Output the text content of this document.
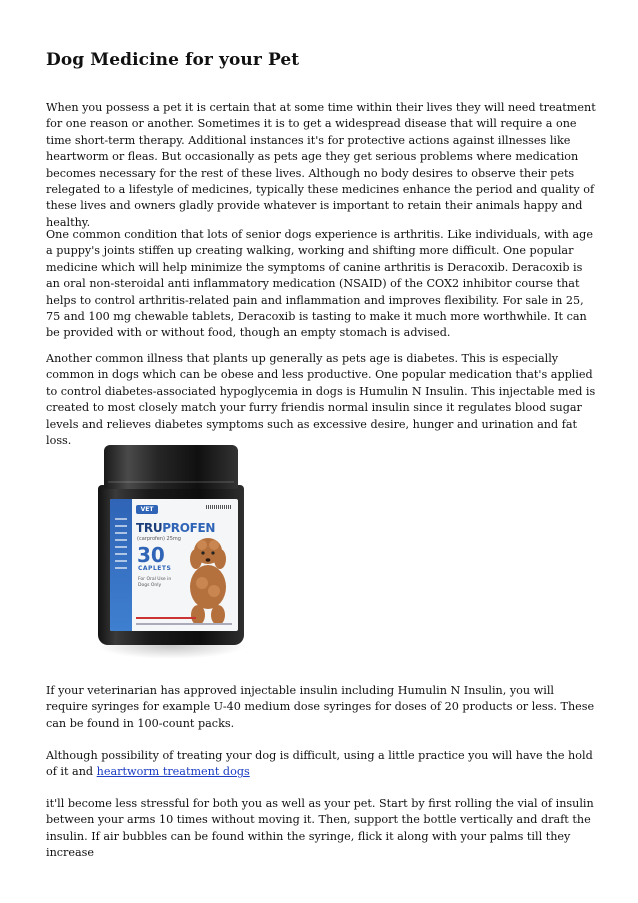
Dog Medicine for your Pet

When you possess a pet it is certain that at some time within their lives they will need treatment for one reason or another. Sometimes it is to get a widespread disease that will require a one time short-term therapy. Additional instances it's for protective actions against illnesses like heartworm or fleas. But occasionally as pets age they get serious problems where medication becomes necessary for the rest of these lives. Although no body desires to observe their pets relegated to a lifestyle of medicines, typically these medicines enhance the period and quality of these lives and owners gladly provide whatever is important to retain their animals happy and healthy.

One common condition that lots of senior dogs experience is arthritis. Like individuals, with age a puppy's joints stiffen up creating walking, working and shifting more difficult. One popular medicine which will help minimize the symptoms of canine arthritis is Deracoxib. Deracoxib is an oral non-steroidal anti inflammatory medication (NSAID) of the COX2 inhibitor course that helps to control arthritis-related pain and inflammation and improves flexibility. For sale in 25, 75 and 100 mg chewable tablets, Deracoxib is tasting to make it much more worthwhile. It can be provided with or without food, though an empty stomach is advised.

Another common illness that plants up generally as pets age is diabetes. This is especially common in dogs which can be obese and less productive. One popular medication that's applied to control diabetes-associated hypoglycemia in dogs is Humulin N Insulin. This injectable med is created to most closely match your furry friendis normal insulin since it regulates blood sugar levels and relieves diabetes symptoms such as excessive desire, hunger and urination and fat loss.

VET
TRUPROFEN
(carprofen) 25mg
30
CAPLETS
For Oral Use in Dogs Only

If your veterinarian has approved injectable insulin including Humulin N Insulin, you will require syringes for example U-40 medium dose syringes for doses of 20 products or less. These can be found in 100-count packs.

Although possibility of treating your dog is difficult, using a little practice you will have the hold of it and heartworm treatment dogs

it'll become less stressful for both you as well as your pet. Start by first rolling the vial of insulin between your arms 10 times without moving it. Then, support the bottle vertically and draft the insulin. If air bubbles can be found within the syringe, flick it along with your palms till they increase
